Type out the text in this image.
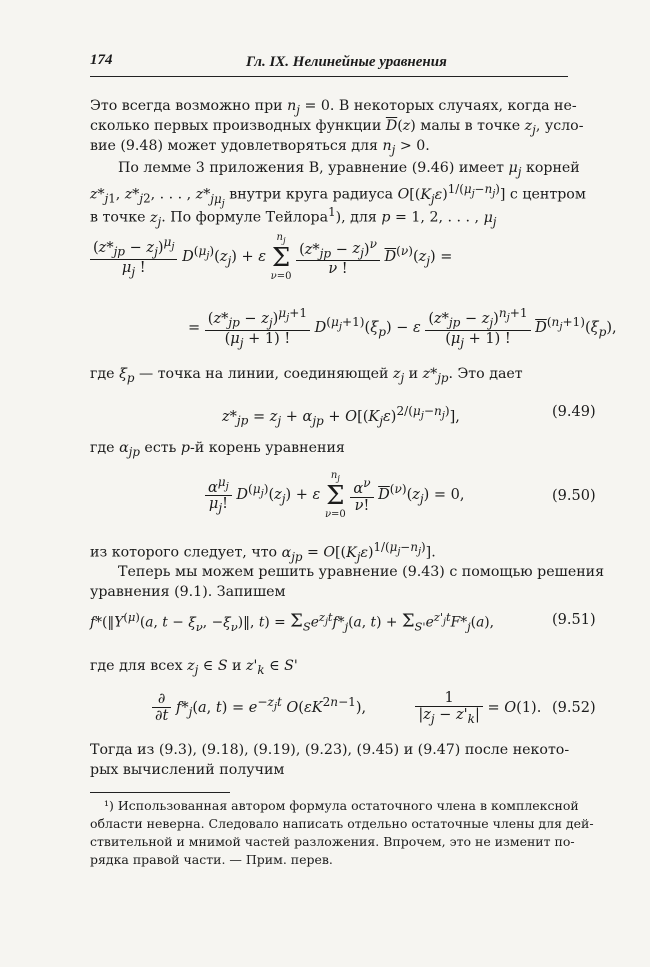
174	Гл. IX. Нелинейные уравнения
Это всегда возможно при $n_j = 0$. В некоторых случаях, когда не-
сколько первых производных функции $\overline{D}(z)$ малы в точке $z_j$, усло-
вие (9.48) может удовлетворяться для $n_j > 0$.
По лемме 3 приложения В, уравнение (9.46) имеет $\mu_j$ корней
$z*_{j1}$, $z*_{j2}$, . . . , $z*_{j\mu_j}$ внутри круга радиуса $O[(K_j\varepsilon)^{1/(\mu_j-n_j)}]$ с центром
в точке $z_j$. По формуле Тейлора$^1$), для p = 1, 2, . . . , $\mu_j$
$\frac{(z*_{jp} - z_j)^{\mu_j}}{\mu_j !} D^{(\mu_j)}(z_j) + \varepsilon$
$n_j$
Σ
ν=0
$\frac{(z*_{jp} - z_j)^\nu}{\nu !} \overline{D}^{(\nu)}(z_j)$ =
= $\frac{(z*_{jp} - z_j)^{\mu_j+1}}{(\mu_j + 1) !} D^{(\mu_j+1)}(\xi_p) - \varepsilon \frac{(z*_{jp} - z_j)^{n_j+1}}{(\mu_j + 1) !} \overline{D}^{(n_j+1)}(\xi_p)$,
где $\xi_p$ — точка на линии, соединяющей $z_j$ и $z*_{jp}$. Это дает
$z*_{jp} = z_j + \alpha_{jp} + O[(K_j\varepsilon)^{2/(\mu_j-n_j)}]$,	(9.49)
где $\alpha_{jp}$ есть p-й корень уравнения
$\frac{\alpha^{\mu_j}}{\mu_j!} D^{(\mu_j)}(z_j) + \varepsilon$
$n_j$
Σ
ν=0

$\frac{\alpha^\nu}{\nu!} \overline{D}^{(\nu)}(z_j) = 0$,	(9.50)
из которого следует, что $\alpha_{jp} = O[(K_j\varepsilon)^{1/(\mu_j-n_j)}]$.
Теперь мы можем решить уравнение (9.43) с помощью решения
уравнения (9.1). Запишем
$f*(‖Y^{(\mu)}(a$, $t - \xi_\nu$, $-\xi_\nu)‖$, $t) = \Sigma_Se^{z_jt}f*_j(a$, $t) + \Sigma_{S'}e^{z'_jt}F*_j(a)$,	(9.51)
где для всех $z_j$ ∈ S и $z'_k$ ∈ S'
$\frac{\partial}{\partial t} f*_j(a$, $t) = e^{-z_jt}$ $O(\varepsilon K^{2n-1})$,	$\frac{1}{|z_j - z'_k|} = O(1)$. (9.52)
Тогда из (9.3), (9.18), (9.19), (9.23), (9.45) и (9.47) после некото-
рых вычислений получим
¹) Использованная автором формула остаточного члена в комплексной
области неверна. Следовало написать отдельно остаточные члены для дей-
ствительной и мнимой частей разложения. Впрочем, это не изменит по-
рядка правой части. — Прим. перев.
